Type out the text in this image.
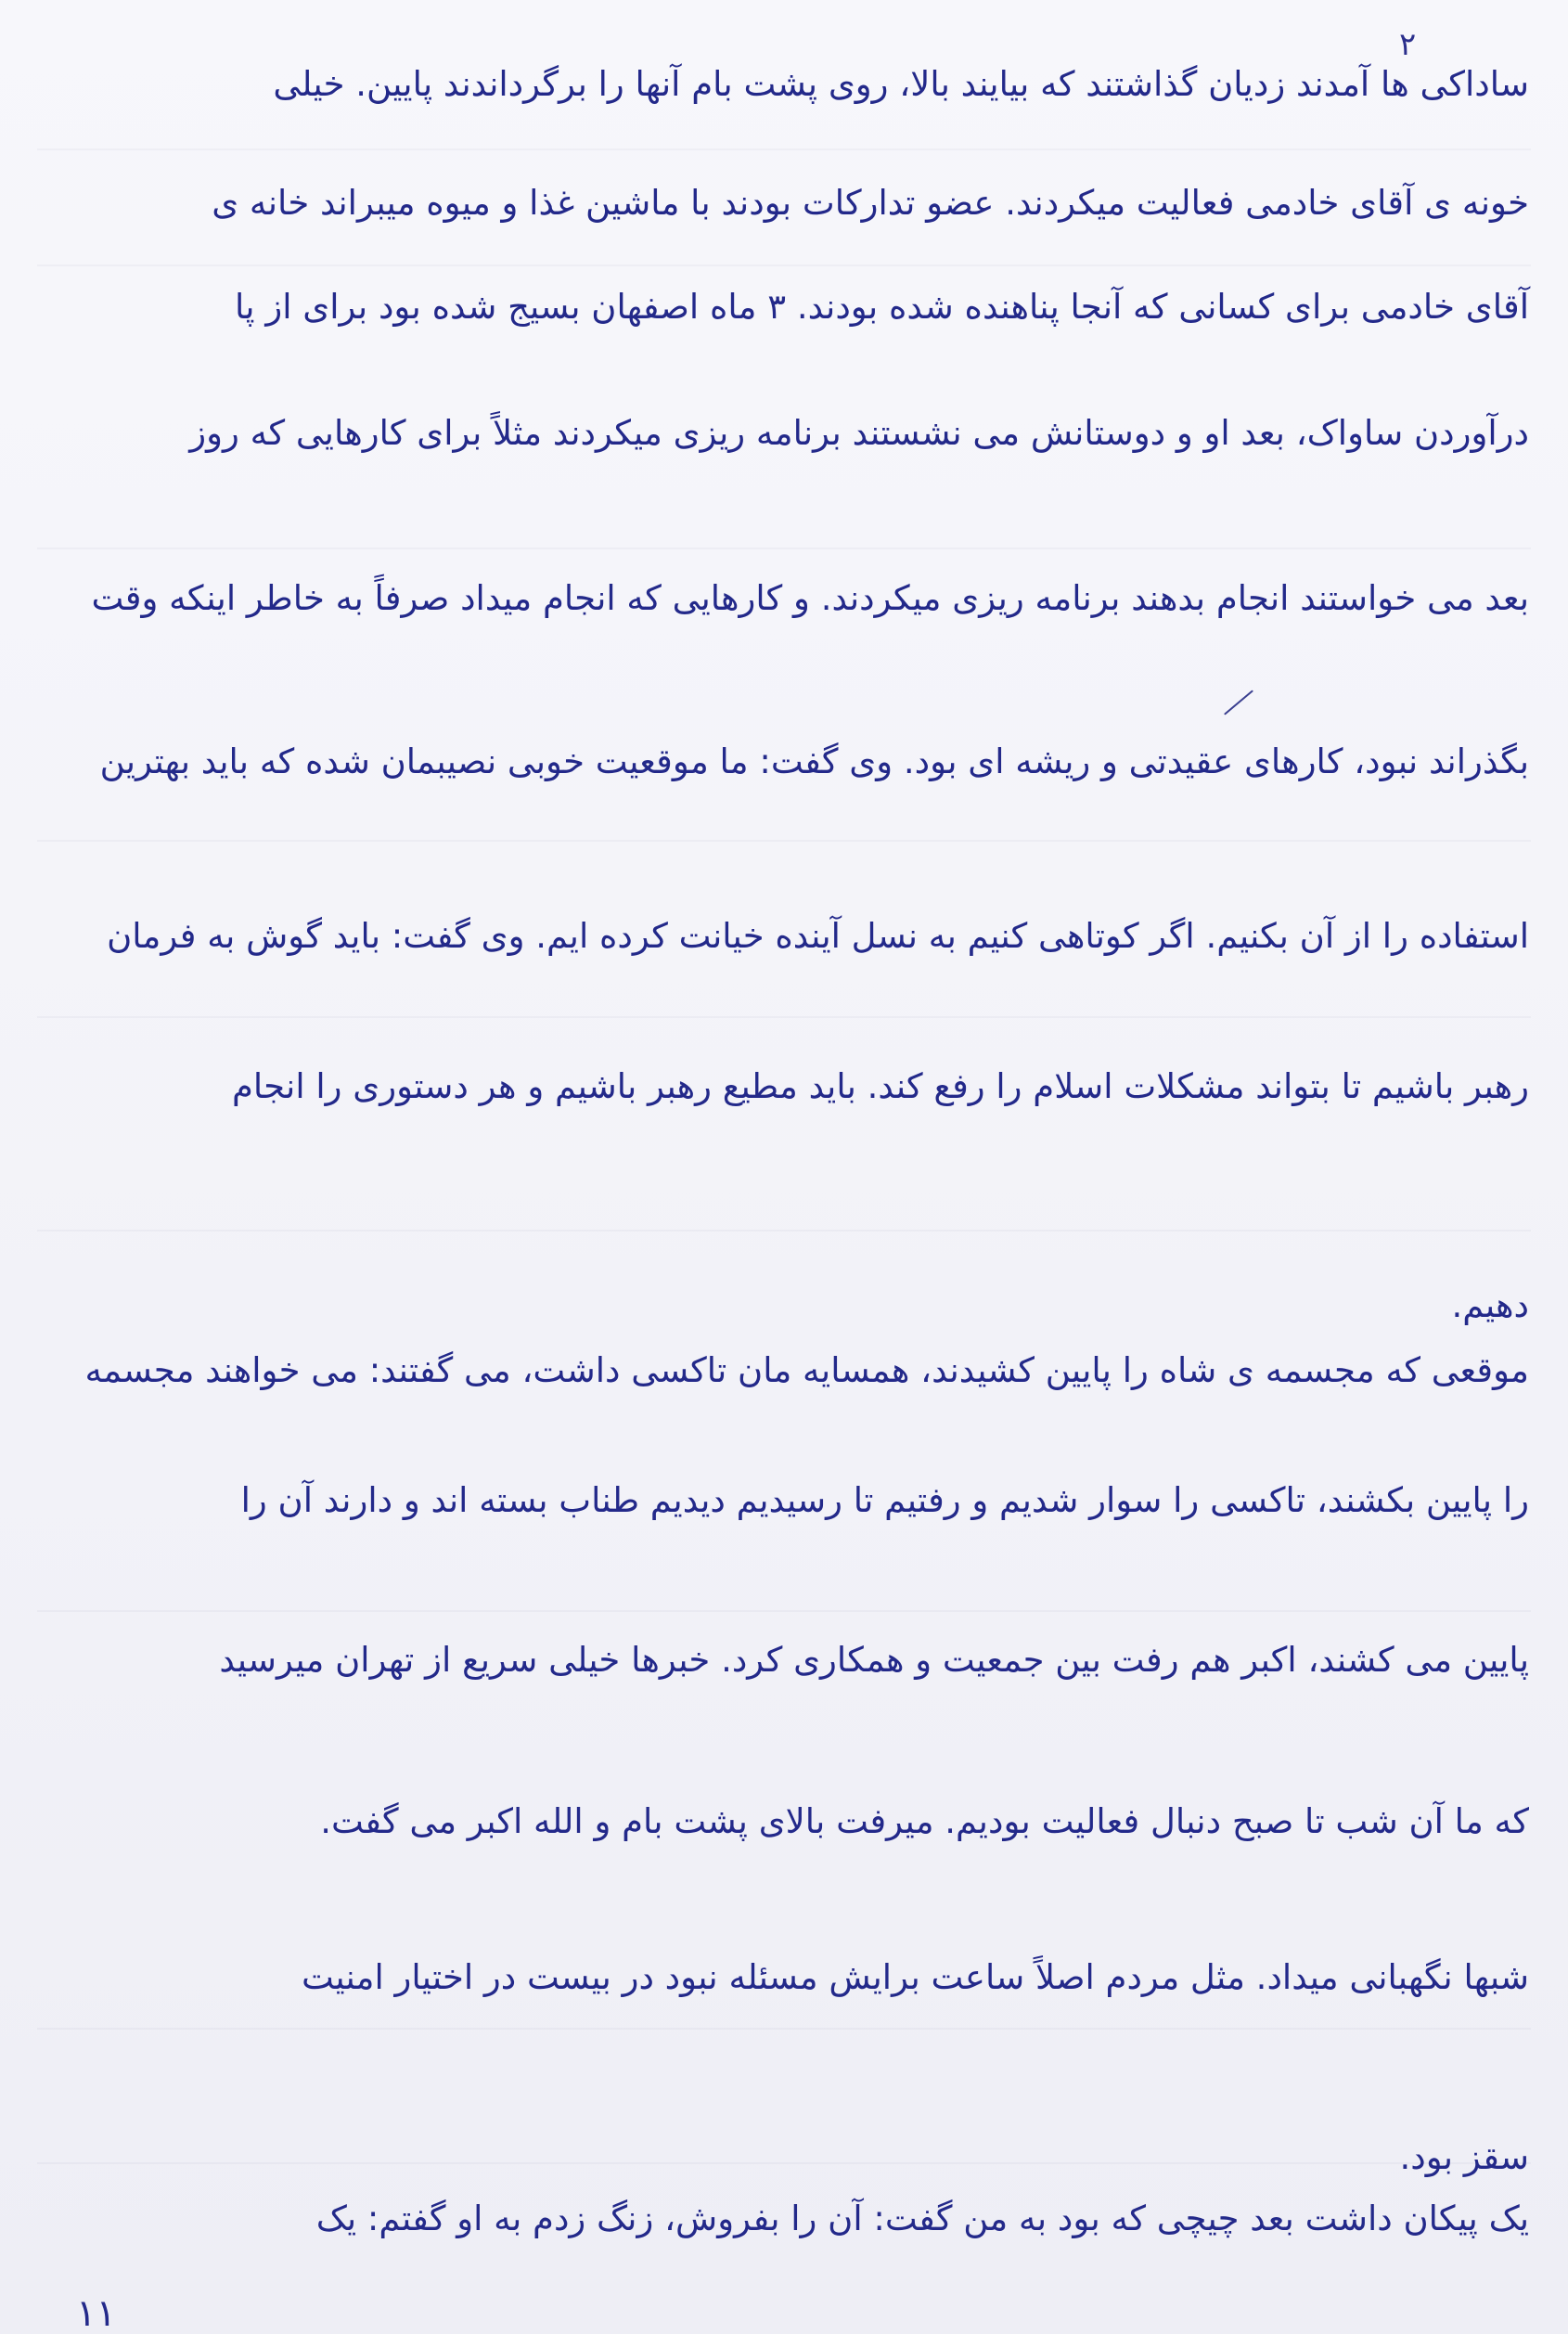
٢
ساداکی ها آمدند زدیان گذاشتند که بیایند بالا، روی پشت بام آنها را برگرداندند پایین. خیلی
خونه ی آقای خادمی فعالیت میکردند. عضو تدارکات بودند با ماشین غذا و میوه میبراند خانه ی
آقای خادمی برای کسانی که آنجا پناهنده شده بودند. ۳ ماه اصفهان بسیج شده بود برای از پا
درآوردن ساواک، بعد او و دوستانش می نشستند برنامه ریزی میکردند مثلاً برای کارهایی که روز
بعد می خواستند انجام بدهند برنامه ریزی میکردند. و کارهایی که انجام میداد صرفاً به خاطر اینکه وقت
بگذراند نبود، کارهای عقیدتی و ریشه ای بود. وی گفت: ما موقعیت خوبی نصیبمان شده که باید بهترین
استفاده را از آن بکنیم. اگر کوتاهی کنیم به نسل آینده خیانت کرده ایم. وی گفت: باید گوش به فرمان
رهبر باشیم تا بتواند مشکلات اسلام را رفع کند. باید مطیع رهبر باشیم و هر دستوری را انجام
دهیم.
موقعی که مجسمه ی شاه را پایین کشیدند، همسایه مان تاکسی داشت، می گفتند: می خواهند مجسمه
را پایین بکشند، تاکسی را سوار شدیم و رفتیم تا رسیدیم دیدیم طناب بسته اند و دارند آن را
پایین می کشند، اکبر هم رفت بین جمعیت و همکاری کرد. خبرها خیلی سریع از تهران میرسید
که ما آن شب تا صبح دنبال فعالیت بودیم. میرفت بالای پشت بام و الله اکبر می گفت.
شبها نگهبانی میداد. مثل مردم اصلاً ساعت برایش مسئله نبود در بیست در اختیار امنیت
سقز بود.
یک پیکان داشت بعد چیچی که بود به من گفت: آن را بفروش، زنگ زدم به او گفتم: یک
١١
